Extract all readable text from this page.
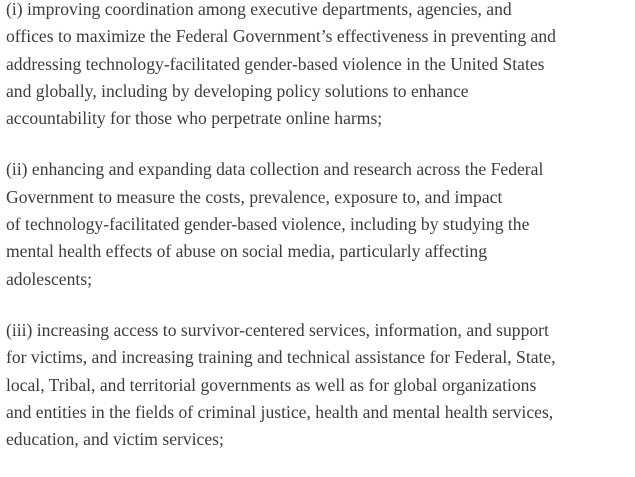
(i) improving coordination among executive departments, agencies, and
offices to maximize the Federal Government’s effectiveness in preventing and
addressing technology-facilitated gender-based violence in the United States
and globally, including by developing policy solutions to enhance
accountability for those who perpetrate online harms;

(ii) enhancing and expanding data collection and research across the Federal
Government to measure the costs, prevalence, exposure to, and impact
of technology-facilitated gender-based violence, including by studying the
mental health effects of abuse on social media, particularly affecting
adolescents;

(iii) increasing access to survivor-centered services, information, and support
for victims, and increasing training and technical assistance for Federal, State,
local, Tribal, and territorial governments as well as for global organizations
and entities in the fields of criminal justice, health and mental health services,
education, and victim services;
